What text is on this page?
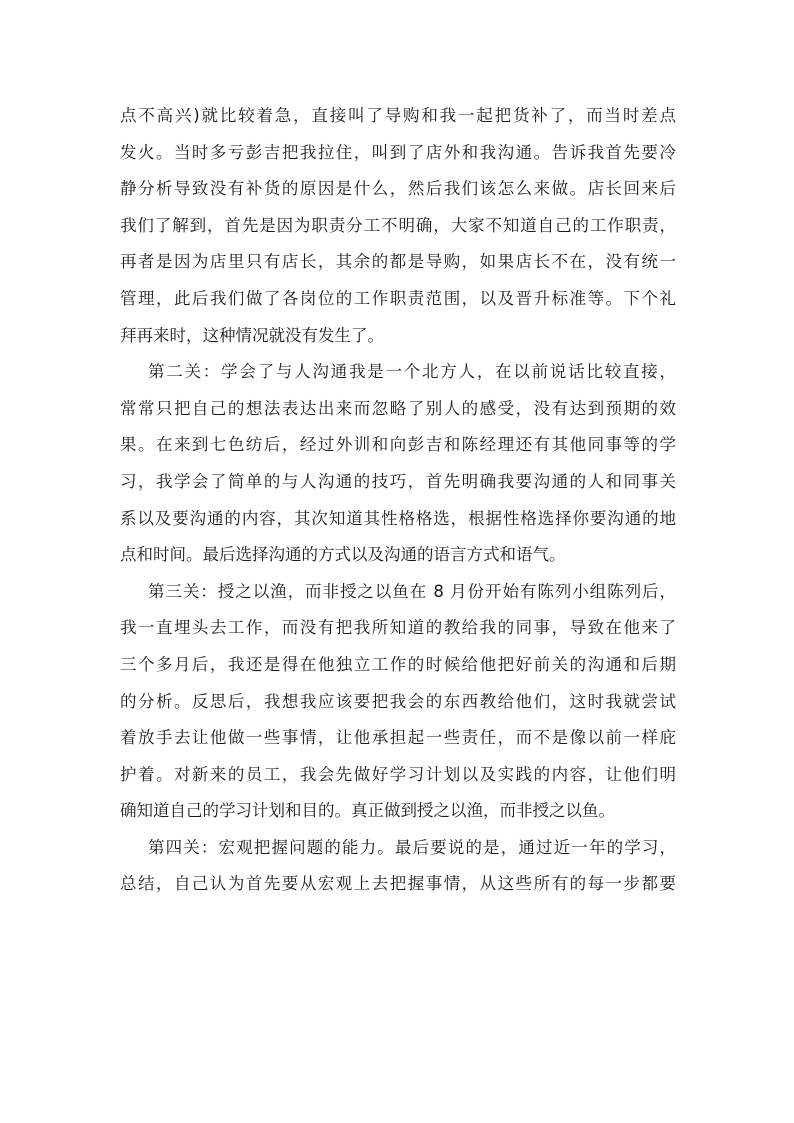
点不高兴)就比较着急，直接叫了导购和我一起把货补了，而当时差点
发火。当时多亏彭吉把我拉住，叫到了店外和我沟通。告诉我首先要冷
静分析导致没有补货的原因是什么，然后我们该怎么来做。店长回来后
我们了解到，首先是因为职责分工不明确，大家不知道自己的工作职责，
再者是因为店里只有店长，其余的都是导购，如果店长不在，没有统一
管理，此后我们做了各岗位的工作职责范围，以及晋升标准等。下个礼
拜再来时，这种情况就没有发生了。
第二关：学会了与人沟通我是一个北方人，在以前说话比较直接，
常常只把自己的想法表达出来而忽略了别人的感受，没有达到预期的效
果。在来到七色纺后，经过外训和向彭吉和陈经理还有其他同事等的学
习，我学会了简单的与人沟通的技巧，首先明确我要沟通的人和同事关
系以及要沟通的内容，其次知道其性格格选，根据性格选择你要沟通的地
点和时间。最后选择沟通的方式以及沟通的语言方式和语气。
第三关：授之以渔，而非授之以鱼在 8 月份开始有陈列小组陈列后，
我一直埋头去工作，而没有把我所知道的教给我的同事，导致在他来了
三个多月后，我还是得在他独立工作的时候给他把好前关的沟通和后期
的分析。反思后，我想我应该要把我会的东西教给他们，这时我就尝试
着放手去让他做一些事情，让他承担起一些责任，而不是像以前一样庇
护着。对新来的员工，我会先做好学习计划以及实践的内容，让他们明
确知道自己的学习计划和目的。真正做到授之以渔，而非授之以鱼。
第四关：宏观把握问题的能力。最后要说的是，通过近一年的学习，
总结，自己认为首先要从宏观上去把握事情，从这些所有的每一步都要
